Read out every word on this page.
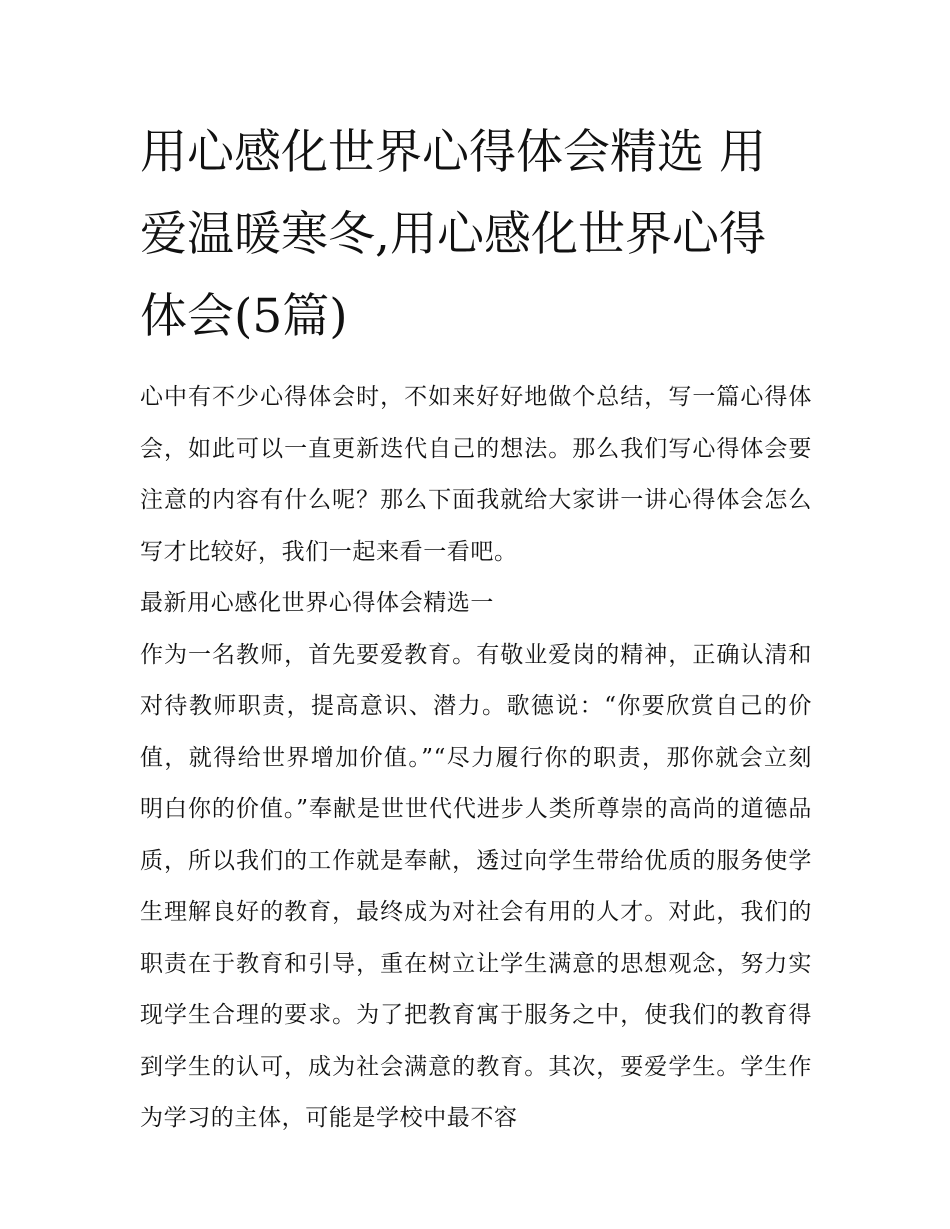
用心感化世界心得体会精选 用爱温暖寒冬,用心感化世界心得体会(5篇)

心中有不少心得体会时，不如来好好地做个总结，写一篇心得体会，如此可以一直更新迭代自己的想法。那么我们写心得体会要注意的内容有什么呢？那么下面我就给大家讲一讲心得体会怎么写才比较好，我们一起来看一看吧。

最新用心感化世界心得体会精选一

作为一名教师，首先要爱教育。有敬业爱岗的精神，正确认清和对待教师职责，提高意识、潜力。歌德说：“你要欣赏自己的价值，就得给世界增加价值。”“尽力履行你的职责，那你就会立刻明白你的价值。”奉献是世世代代进步人类所尊崇的高尚的道德品质，所以我们的工作就是奉献，透过向学生带给优质的服务使学生理解良好的教育，最终成为对社会有用的人才。对此，我们的职责在于教育和引导，重在树立让学生满意的思想观念，努力实现学生合理的要求。为了把教育寓于服务之中，使我们的教育得到学生的认可，成为社会满意的教育。其次，要爱学生。学生作为学习的主体，可能是学校中最不容
